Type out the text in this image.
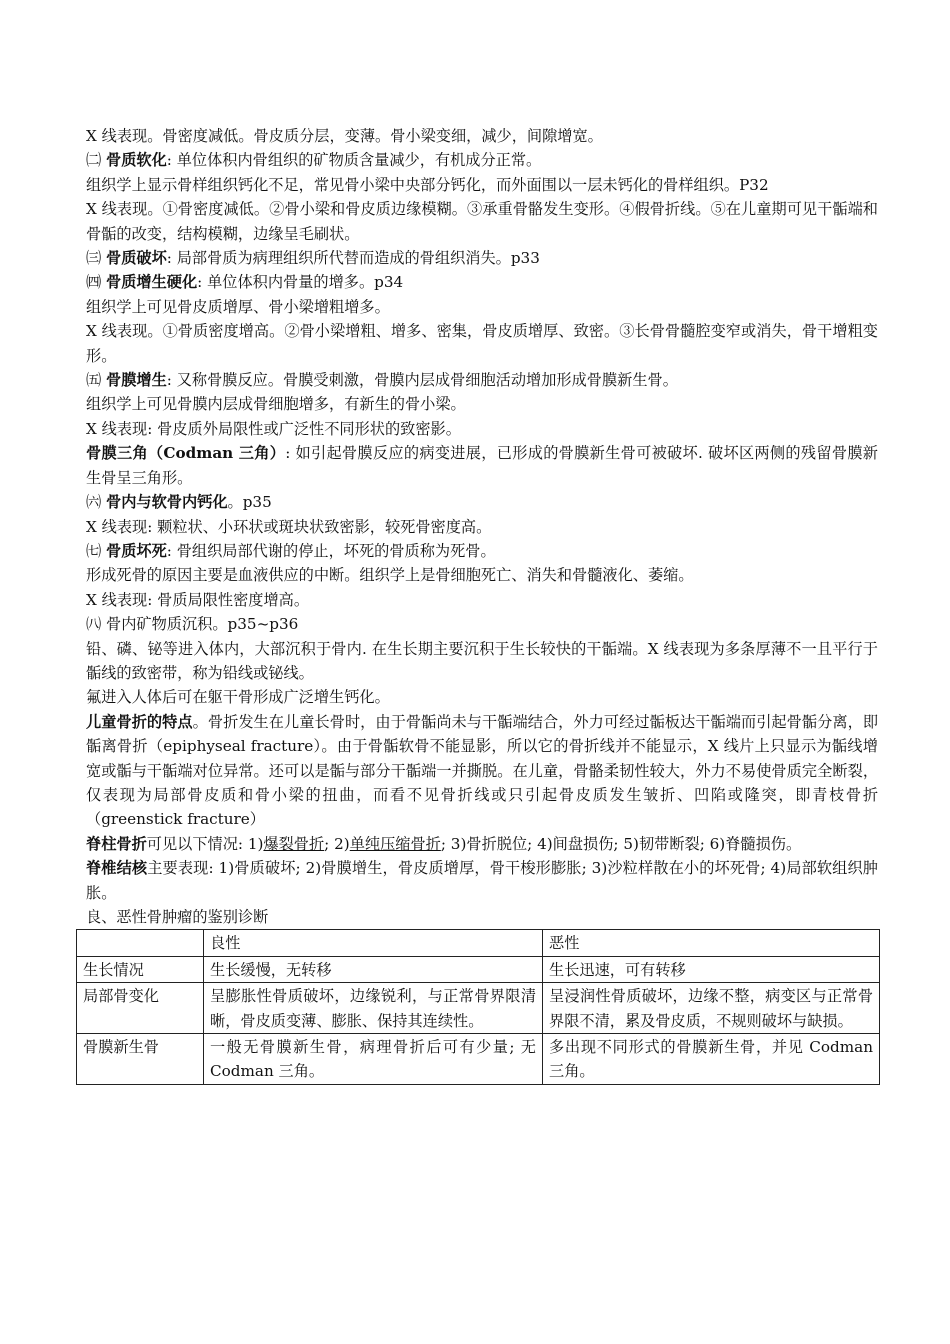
X 线表现。骨密度减低。骨皮质分层，变薄。骨小梁变细，减少，间隙增宽。

㈡ 骨质软化: 单位体积内骨组织的矿物质含量减少，有机成分正常。

组织学上显示骨样组织钙化不足，常见骨小梁中央部分钙化，而外面围以一层未钙化的骨样组织。P32

X 线表现。①骨密度减低。②骨小梁和骨皮质边缘模糊。③承重骨骼发生变形。④假骨折线。⑤在儿童期可见干骺端和骨骺的改变，结构模糊，边缘呈毛刷状。

㈢ 骨质破坏: 局部骨质为病理组织所代替而造成的骨组织消失。p33

㈣ 骨质增生硬化: 单位体积内骨量的增多。p34

组织学上可见骨皮质增厚、骨小梁增粗增多。

X 线表现。①骨质密度增高。②骨小梁增粗、增多、密集，骨皮质增厚、致密。③长骨骨髓腔变窄或消失，骨干增粗变形。

㈤ 骨膜增生: 又称骨膜反应。骨膜受刺激，骨膜内层成骨细胞活动增加形成骨膜新生骨。

组织学上可见骨膜内层成骨细胞增多，有新生的骨小梁。

X 线表现: 骨皮质外局限性或广泛性不同形状的致密影。

骨膜三角（Codman 三角）: 如引起骨膜反应的病变进展，已形成的骨膜新生骨可被破坏. 破坏区两侧的残留骨膜新生骨呈三角形。

㈥ 骨内与软骨内钙化。p35

X 线表现: 颗粒状、小环状或斑块状致密影，较死骨密度高。

㈦ 骨质坏死: 骨组织局部代谢的停止，坏死的骨质称为死骨。

形成死骨的原因主要是血液供应的中断。组织学上是骨细胞死亡、消失和骨髓液化、萎缩。

X 线表现: 骨质局限性密度增高。

㈧ 骨内矿物质沉积。p35~p36

铅、磷、铋等进入体内，大部沉积于骨内. 在生长期主要沉积于生长较快的干骺端。X 线表现为多条厚薄不一且平行于骺线的致密带，称为铅线或铋线。

氟进入人体后可在躯干骨形成广泛增生钙化。

儿童骨折的特点。骨折发生在儿童长骨时，由于骨骺尚未与干骺端结合，外力可经过骺板达干骺端而引起骨骺分离，即骺离骨折（epiphyseal fracture）。由于骨骺软骨不能显影，所以它的骨折线并不能显示，X 线片上只显示为骺线增宽或骺与干骺端对位异常。还可以是骺与部分干骺端一并撕脱。在儿童，骨骼柔韧性较大，外力不易使骨质完全断裂，仅表现为局部骨皮质和骨小梁的扭曲，而看不见骨折线或只引起骨皮质发生皱折、凹陷或隆突，即青枝骨折（greenstick fracture）

脊柱骨折可见以下情况: 1)爆裂骨折; 2)单纯压缩骨折; 3)骨折脱位; 4)间盘损伤; 5)韧带断裂; 6)脊髓损伤。

脊椎结核主要表现: 1)骨质破坏; 2)骨膜增生，骨皮质增厚，骨干梭形膨胀; 3)沙粒样散在小的坏死骨; 4)局部软组织肿胀。

良、恶性骨肿瘤的鉴别诊断

	良性	恶性
生长情况	生长缓慢，无转移	生长迅速，可有转移
局部骨变化	呈膨胀性骨质破坏，边缘锐利，与正常骨界限清晰，骨皮质变薄、膨胀、保持其连续性。	呈浸润性骨质破坏，边缘不整，病变区与正常骨界限不清，累及骨皮质，不规则破坏与缺损。
骨膜新生骨	一般无骨膜新生骨，病理骨折后可有少量; 无 Codman 三角。	多出现不同形式的骨膜新生骨，并见 Codman 三角。
